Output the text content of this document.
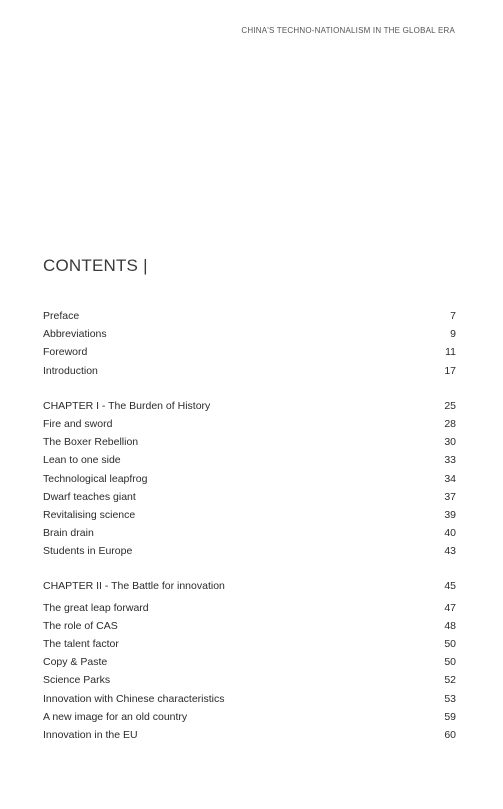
CHINA'S TECHNO-NATIONALISM IN THE GLOBAL ERA
CONTENTS |
Preface	7
Abbreviations	9
Foreword	11
Introduction	17
CHAPTER I - The Burden of History	25
Fire and sword	28
The Boxer Rebellion	30
Lean to one side	33
Technological leapfrog	34
Dwarf teaches giant	37
Revitalising science	39
Brain drain	40
Students in Europe	43
CHAPTER II - The Battle for innovation	45
The great leap forward	47
The role of CAS	48
The talent factor	50
Copy & Paste	50
Science Parks	52
Innovation with Chinese characteristics	53
A new image for an old country	59
Innovation in the EU	60
